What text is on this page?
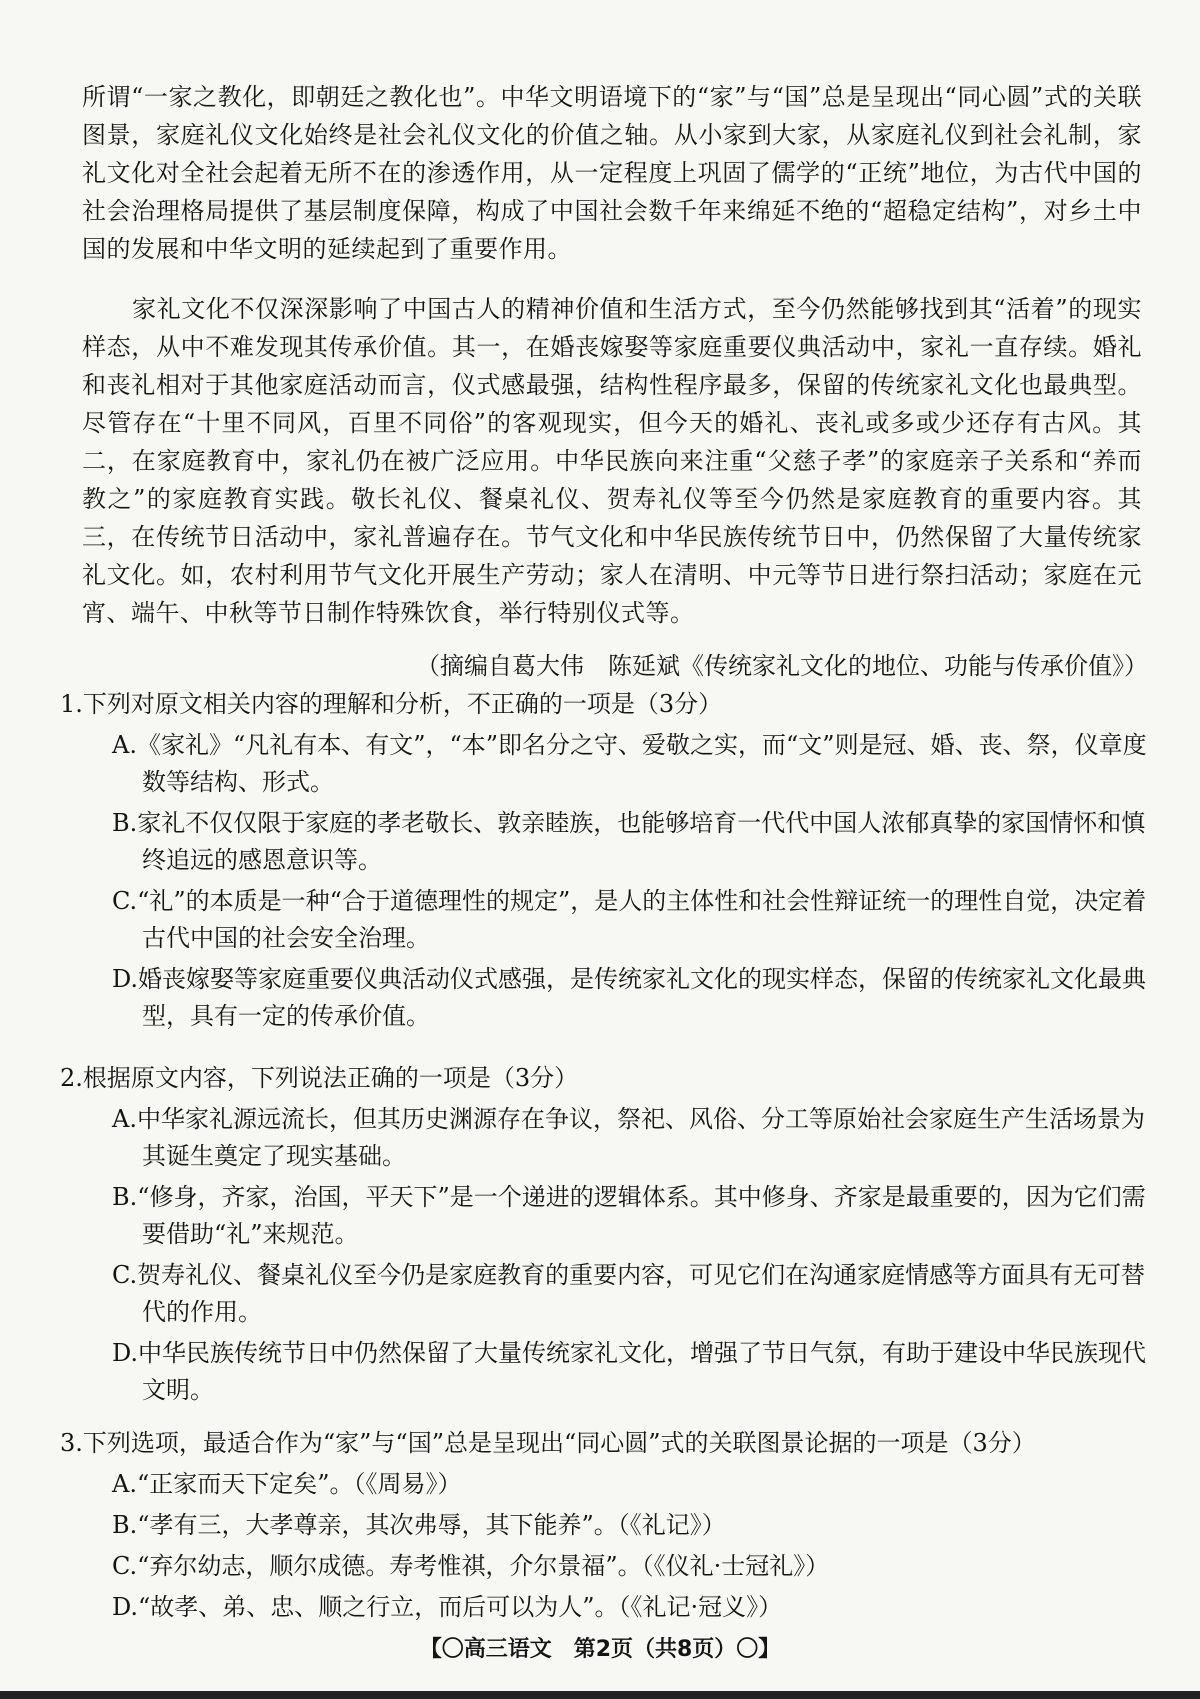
所谓“一家之教化，即朝廷之教化也”。中华文明语境下的“家”与“国”总是呈现出“同心圆”式的关联图景，家庭礼仪文化始终是社会礼仪文化的价值之轴。从小家到大家，从家庭礼仪到社会礼制，家礼文化对全社会起着无所不在的渗透作用，从一定程度上巩固了儒学的“正统”地位，为古代中国的社会治理格局提供了基层制度保障，构成了中国社会数千年来绵延不绝的“超稳定结构”，对乡土中国的发展和中华文明的延续起到了重要作用。
家礼文化不仅深深影响了中国古人的精神价值和生活方式，至今仍然能够找到其“活着”的现实样态，从中不难发现其传承价值。其一，在婚丧嫁娶等家庭重要仪典活动中，家礼一直存续。婚礼和丧礼相对于其他家庭活动而言，仪式感最强，结构性程序最多，保留的传统家礼文化也最典型。尽管存在“十里不同风，百里不同俗”的客观现实，但今天的婚礼、丧礼或多或少还存有古风。其二，在家庭教育中，家礼仍在被广泛应用。中华民族向来注重“父慈子孝”的家庭亲子关系和“养而教之”的家庭教育实践。敬长礼仪、餐桌礼仪、贺寿礼仪等至今仍然是家庭教育的重要内容。其三，在传统节日活动中，家礼普遍存在。节气文化和中华民族传统节日中，仍然保留了大量传统家礼文化。如，农村利用节气文化开展生产劳动；家人在清明、中元等节日进行祭扫活动；家庭在元宵、端午、中秋等节日制作特殊饮食，举行特别仪式等。
（摘编自葛大伟　陈延斌《传统家礼文化的地位、功能与传承价值》）

1.下列对原文相关内容的理解和分析，不正确的一项是（3分）

A.《家礼》“凡礼有本、有文”，“本”即名分之守、爱敬之实，而“文”则是冠、婚、丧、祭，仪章度数等结构、形式。

B.家礼不仅仅限于家庭的孝老敬长、敦亲睦族，也能够培育一代代中国人浓郁真挚的家国情怀和慎终追远的感恩意识等。

C.“礼”的本质是一种“合于道德理性的规定”，是人的主体性和社会性辩证统一的理性自觉，决定着古代中国的社会安全治理。

D.婚丧嫁娶等家庭重要仪典活动仪式感强，是传统家礼文化的现实样态，保留的传统家礼文化最典型，具有一定的传承价值。

2.根据原文内容，下列说法正确的一项是（3分）

A.中华家礼源远流长，但其历史渊源存在争议，祭祀、风俗、分工等原始社会家庭生产生活场景为其诞生奠定了现实基础。

B.“修身，齐家，治国，平天下”是一个递进的逻辑体系。其中修身、齐家是最重要的，因为它们需要借助“礼”来规范。

C.贺寿礼仪、餐桌礼仪至今仍是家庭教育的重要内容，可见它们在沟通家庭情感等方面具有无可替代的作用。

D.中华民族传统节日中仍然保留了大量传统家礼文化，增强了节日气氛，有助于建设中华民族现代文明。

3.下列选项，最适合作为“家”与“国”总是呈现出“同心圆”式的关联图景论据的一项是（3分）

A.“正家而天下定矣”。（《周易》）

B.“孝有三，大孝尊亲，其次弗辱，其下能养”。（《礼记》）

C.“弃尔幼志，顺尔成德。寿考惟祺，介尔景福”。（《仪礼·士冠礼》）

D.“故孝、弟、忠、顺之行立，而后可以为人”。（《礼记·冠义》）

【〇高三语文　第2页（共8页）〇】
